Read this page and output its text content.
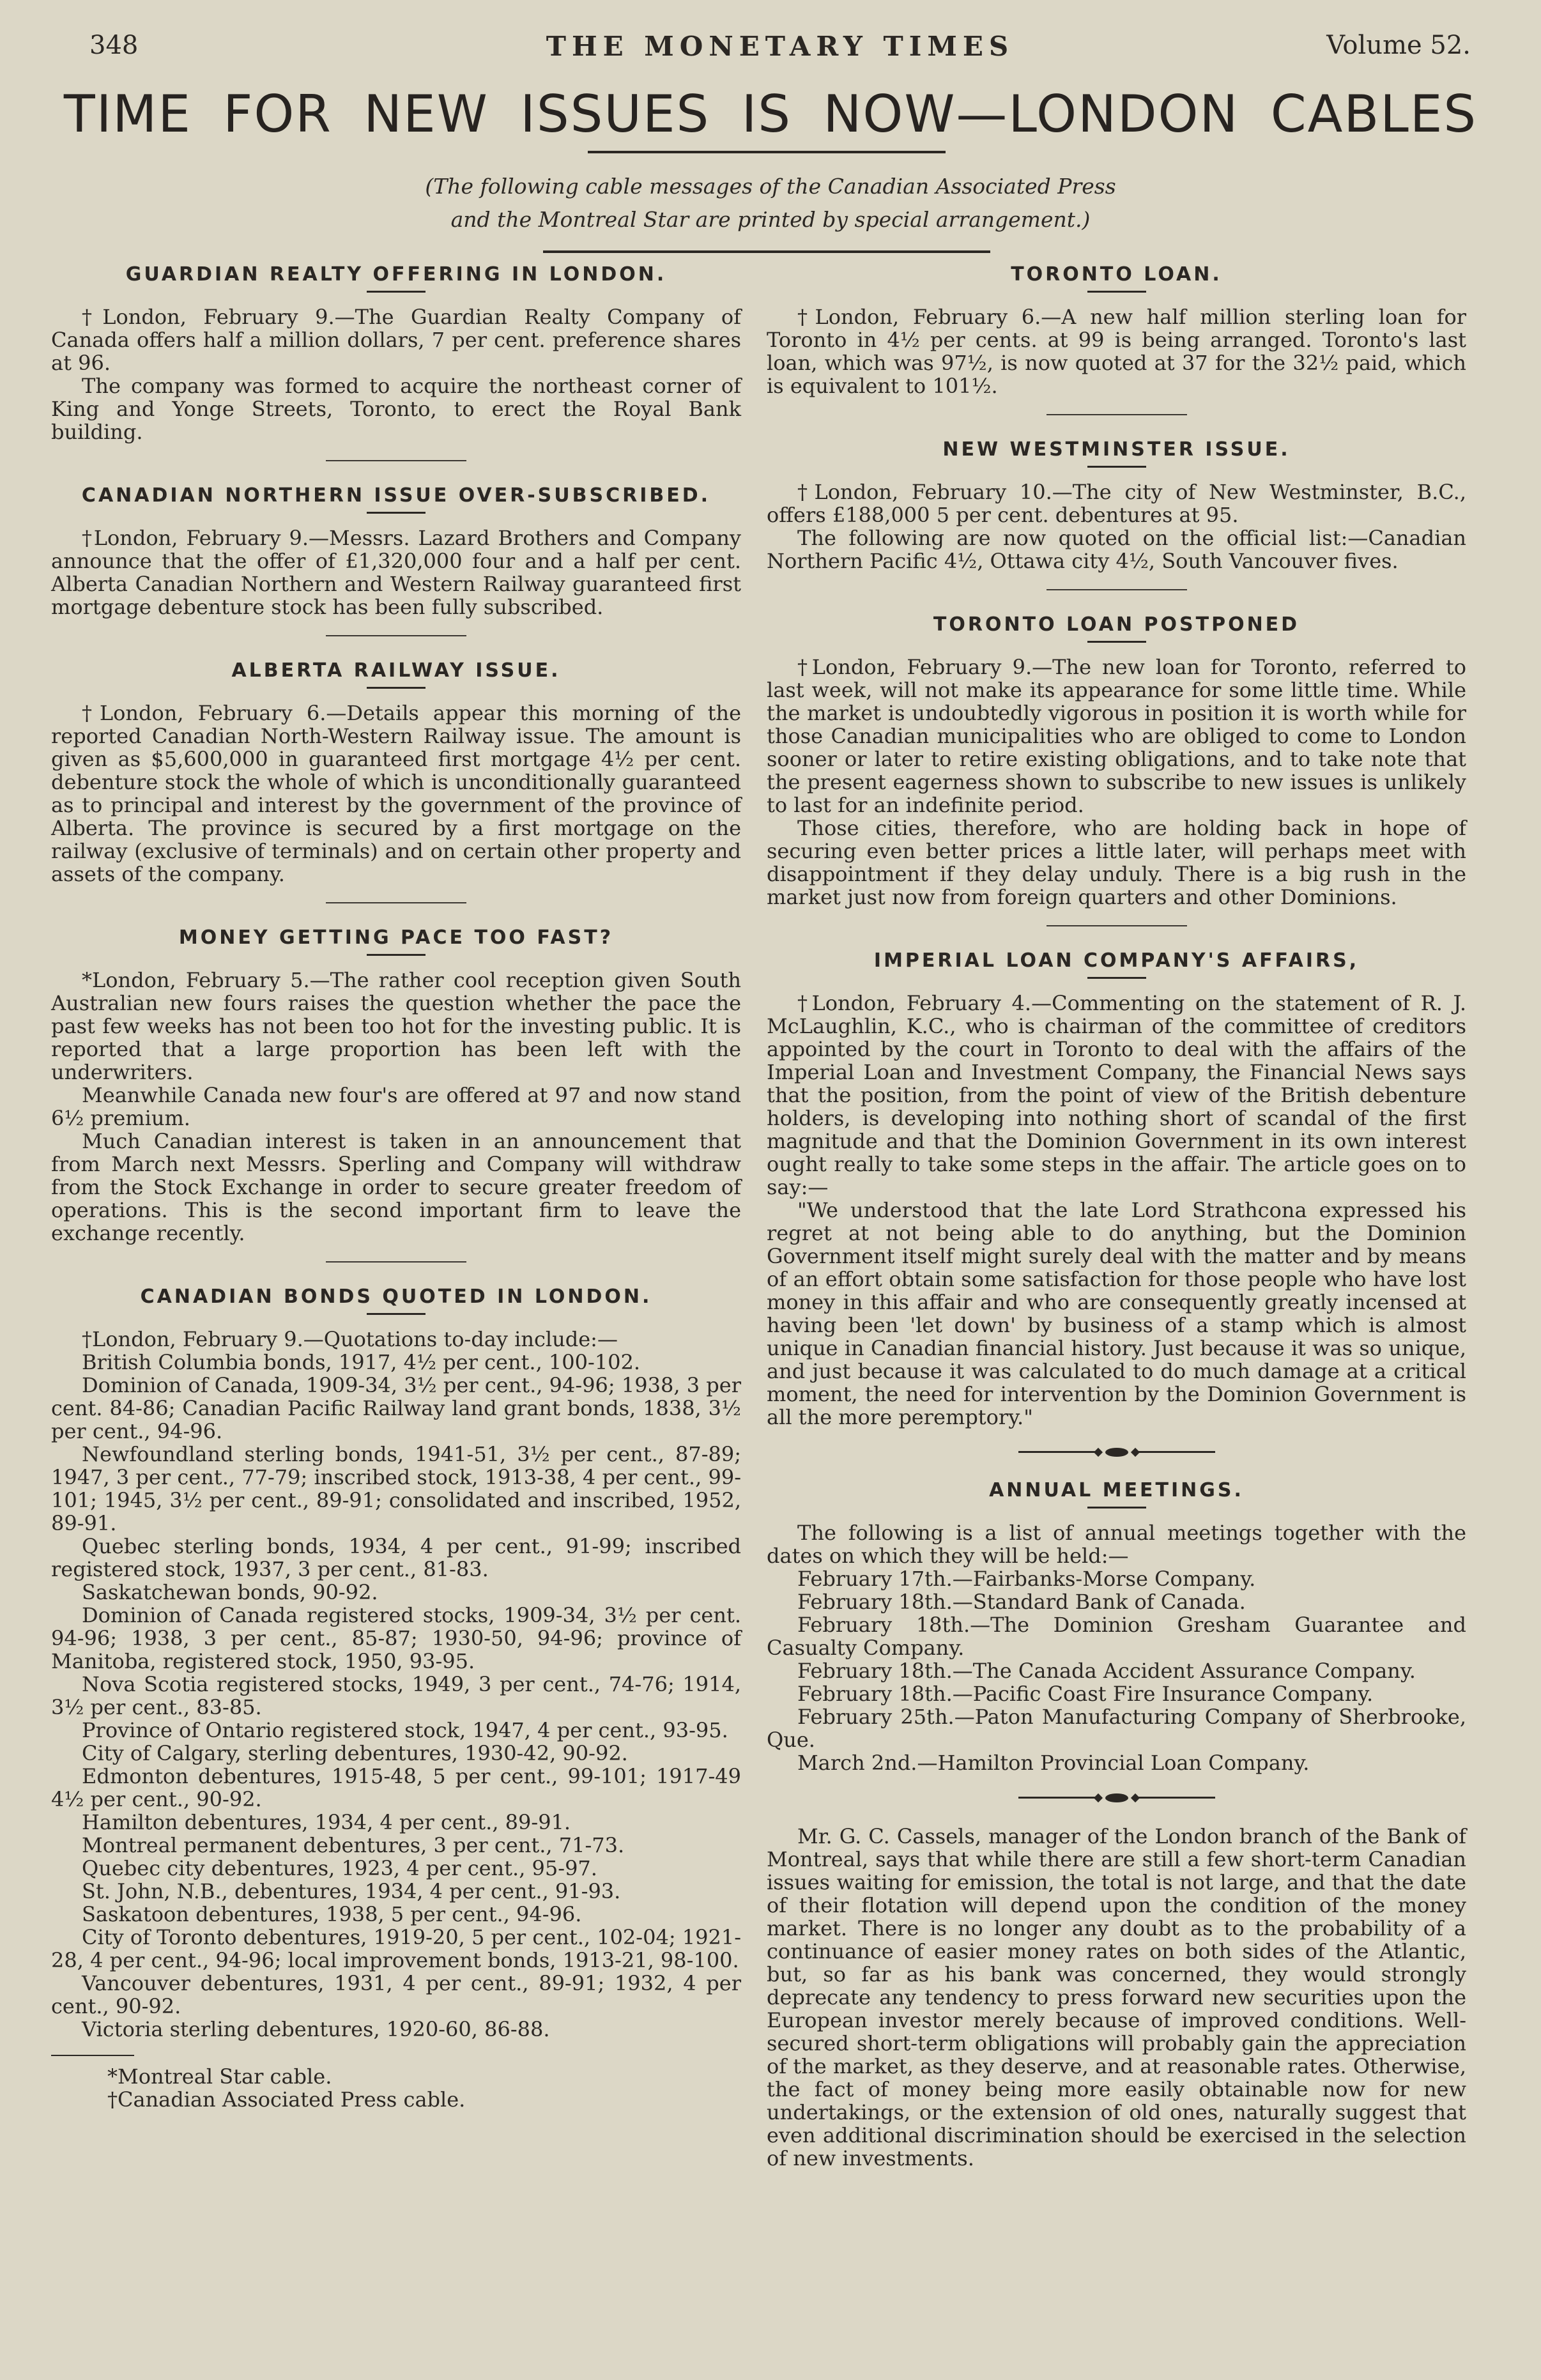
348	THE MONETARY TIMES	Volume 52.
TIME FOR NEW ISSUES IS NOW—LONDON CABLES
(The following cable messages of the Canadian Associated Press
and the Montreal Star are printed by special arrangement.)
GUARDIAN REALTY OFFERING IN LONDON.

†London, February 9.—The Guardian Realty Company of Canada offers half a million dollars, 7 per cent. preference shares at 96.

The company was formed to acquire the northeast corner of King and Yonge Streets, Toronto, to erect the Royal Bank building.

CANADIAN NORTHERN ISSUE OVER-SUBSCRIBED.

†London, February 9.—Messrs. Lazard Brothers and Company announce that the offer of £1,320,000 four and a half per cent. Alberta Canadian Northern and Western Railway guaranteed first mortgage debenture stock has been fully subscribed.

ALBERTA RAILWAY ISSUE.

†London, February 6.—Details appear this morning of the reported Canadian North-Western Railway issue. The amount is given as $5,600,000 in guaranteed first mortgage 4½ per cent. debenture stock the whole of which is unconditionally guaranteed as to principal and interest by the government of the province of Alberta. The province is secured by a first mortgage on the railway (exclusive of terminals) and on certain other property and assets of the company.

MONEY GETTING PACE TOO FAST?

*London, February 5.—The rather cool reception given South Australian new fours raises the question whether the pace the past few weeks has not been too hot for the investing public. It is reported that a large proportion has been left with the underwriters.

Meanwhile Canada new four's are offered at 97 and now stand 6½ premium.

Much Canadian interest is taken in an announcement that from March next Messrs. Sperling and Company will withdraw from the Stock Exchange in order to secure greater freedom of operations. This is the second important firm to leave the exchange recently.

CANADIAN BONDS QUOTED IN LONDON.

†London, February 9.—Quotations to-day include:—

British Columbia bonds, 1917, 4½ per cent., 100-102.

Dominion of Canada, 1909-34, 3½ per cent., 94-96; 1938, 3 per cent. 84-86; Canadian Pacific Railway land grant bonds, 1838, 3½ per cent., 94-96.

Newfoundland sterling bonds, 1941-51, 3½ per cent., 87-89; 1947, 3 per cent., 77-79; inscribed stock, 1913-38, 4 per cent., 99-101; 1945, 3½ per cent., 89-91; consolidated and inscribed, 1952, 89-91.

Quebec sterling bonds, 1934, 4 per cent., 91-99; inscribed registered stock, 1937, 3 per cent., 81-83.

Saskatchewan bonds, 90-92.

Dominion of Canada registered stocks, 1909-34, 3½ per cent. 94-96; 1938, 3 per cent., 85-87; 1930-50, 94-96; province of Manitoba, registered stock, 1950, 93-95.

Nova Scotia registered stocks, 1949, 3 per cent., 74-76; 1914, 3½ per cent., 83-85.

Province of Ontario registered stock, 1947, 4 per cent., 93-95.

City of Calgary, sterling debentures, 1930-42, 90-92.

Edmonton debentures, 1915-48, 5 per cent., 99-101; 1917-49 4½ per cent., 90-92.

Hamilton debentures, 1934, 4 per cent., 89-91.

Montreal permanent debentures, 3 per cent., 71-73.

Quebec city debentures, 1923, 4 per cent., 95-97.

St. John, N.B., debentures, 1934, 4 per cent., 91-93.

Saskatoon debentures, 1938, 5 per cent., 94-96.

City of Toronto debentures, 1919-20, 5 per cent., 102-04; 1921-28, 4 per cent., 94-96; local improvement bonds, 1913-21, 98-100.

Vancouver debentures, 1931, 4 per cent., 89-91; 1932, 4 per cent., 90-92.

Victoria sterling debentures, 1920-60, 86-88.

*Montreal Star cable.

†Canadian Associated Press cable.

TORONTO LOAN.

†London, February 6.—A new half million sterling loan for Toronto in 4½ per cents. at 99 is being arranged. Toronto's last loan, which was 97½, is now quoted at 37 for the 32½ paid, which is equivalent to 101½.

NEW WESTMINSTER ISSUE.

†London, February 10.—The city of New Westminster, B.C., offers £188,000 5 per cent. debentures at 95.

The following are now quoted on the official list:—Canadian Northern Pacific 4½, Ottawa city 4½, South Vancouver fives.

TORONTO LOAN POSTPONED

†London, February 9.—The new loan for Toronto, referred to last week, will not make its appearance for some little time. While the market is undoubtedly vigorous in position it is worth while for those Canadian municipalities who are obliged to come to London sooner or later to retire existing obligations, and to take note that the present eagerness shown to subscribe to new issues is unlikely to last for an indefinite period.

Those cities, therefore, who are holding back in hope of securing even better prices a little later, will perhaps meet with disappointment if they delay unduly. There is a big rush in the market just now from foreign quarters and other Dominions.

IMPERIAL LOAN COMPANY'S AFFAIRS,

†London, February 4.—Commenting on the statement of R. J. McLaughlin, K.C., who is chairman of the committee of creditors appointed by the court in Toronto to deal with the affairs of the Imperial Loan and Investment Company, the Financial News says that the position, from the point of view of the British debenture holders, is developing into nothing short of scandal of the first magnitude and that the Dominion Government in its own interest ought really to take some steps in the affair. The article goes on to say:—

"We understood that the late Lord Strathcona expressed his regret at not being able to do anything, but the Dominion Government itself might surely deal with the matter and by means of an effort obtain some satisfaction for those people who have lost money in this affair and who are consequently greatly incensed at having been 'let down' by business of a stamp which is almost unique in Canadian financial history. Just because it was so unique, and just because it was calculated to do much damage at a critical moment, the need for intervention by the Dominion Government is all the more peremptory."

ANNUAL MEETINGS.

The following is a list of annual meetings together with the dates on which they will be held:—

February 17th.—Fairbanks-Morse Company.

February 18th.—Standard Bank of Canada.

February 18th.—The Dominion Gresham Guarantee and Casualty Company.

February 18th.—The Canada Accident Assurance Company.

February 18th.—Pacific Coast Fire Insurance Company.

February 25th.—Paton Manufacturing Company of Sherbrooke, Que.

March 2nd.—Hamilton Provincial Loan Company.

Mr. G. C. Cassels, manager of the London branch of the Bank of Montreal, says that while there are still a few short-term Canadian issues waiting for emission, the total is not large, and that the date of their flotation will depend upon the condition of the money market. There is no longer any doubt as to the probability of a continuance of easier money rates on both sides of the Atlantic, but, so far as his bank was concerned, they would strongly deprecate any tendency to press forward new securities upon the European investor merely because of improved conditions. Well-secured short-term obligations will probably gain the appreciation of the market, as they deserve, and at reasonable rates. Otherwise, the fact of money being more easily obtainable now for new undertakings, or the extension of old ones, naturally suggest that even additional discrimination should be exercised in the selection of new investments.
